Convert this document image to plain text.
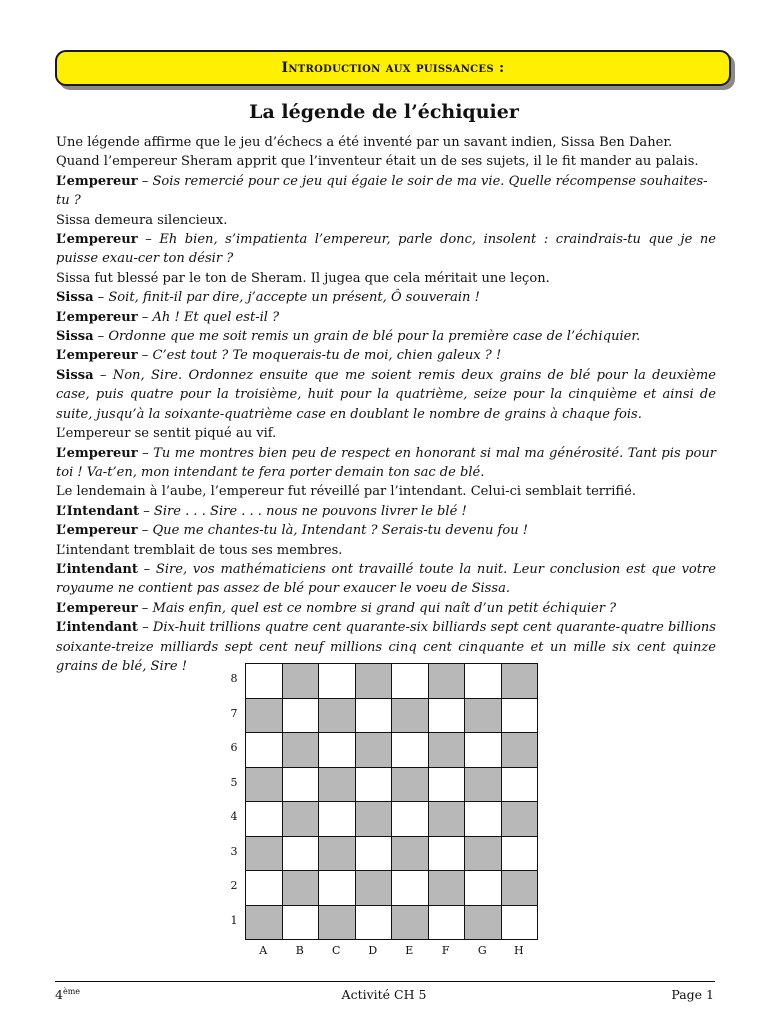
Introduction aux puissances :
La légende de l’échiquier

Une légende affirme que le jeu d’échecs a été inventé par un savant indien, Sissa Ben Daher.

Quand l’empereur Sheram apprit que l’inventeur était un de ses sujets, il le fit mander au palais.

L’empereur – Sois remercié pour ce jeu qui égaie le soir de ma vie. Quelle récompense souhaites-tu ?

Sissa demeura silencieux.

L’empereur – Eh bien, s’impatienta l’empereur, parle donc, insolent : craindrais-tu que je ne puisse exau-cer ton désir ?

Sissa fut blessé par le ton de Sheram. Il jugea que cela méritait une leçon.

Sissa – Soit, finit-il par dire, j’accepte un présent, Ô souverain !

L’empereur – Ah ! Et quel est-il ?

Sissa – Ordonne que me soit remis un grain de blé pour la première case de l’échiquier.

L’empereur – C’est tout ? Te moquerais-tu de moi, chien galeux ? !

Sissa – Non, Sire. Ordonnez ensuite que me soient remis deux grains de blé pour la deuxième case, puis quatre pour la troisième, huit pour la quatrième, seize pour la cinquième et ainsi de suite, jusqu’à la soixante-quatrième case en doublant le nombre de grains à chaque fois.

L’empereur se sentit piqué au vif.

L’empereur – Tu me montres bien peu de respect en honorant si mal ma générosité. Tant pis pour toi ! Va-t’en, mon intendant te fera porter demain ton sac de blé.

Le lendemain à l’aube, l’empereur fut réveillé par l’intendant. Celui-ci semblait terrifié.

L’Intendant – Sire . . . Sire . . . nous ne pouvons livrer le blé !

L’empereur – Que me chantes-tu là, Intendant ? Serais-tu devenu fou !

L’intendant tremblait de tous ses membres.

L’intendant – Sire, vos mathématiciens ont travaillé toute la nuit. Leur conclusion est que votre royaume ne contient pas assez de blé pour exaucer le voeu de Sissa.

L’empereur – Mais enfin, quel est ce nombre si grand qui naît d’un petit échiquier ?

L’intendant – Dix-huit trillions quatre cent quarante-six billiards sept cent quarante-quatre billions soixante-treize milliards sept cent neuf millions cinq cent cinquante et un mille six cent quinze grains de blé, Sire !

8
7
6
5
4
3
2
1
A	B	C	D	E	F	G	H
4ème	Activité CH 5	Page 1
